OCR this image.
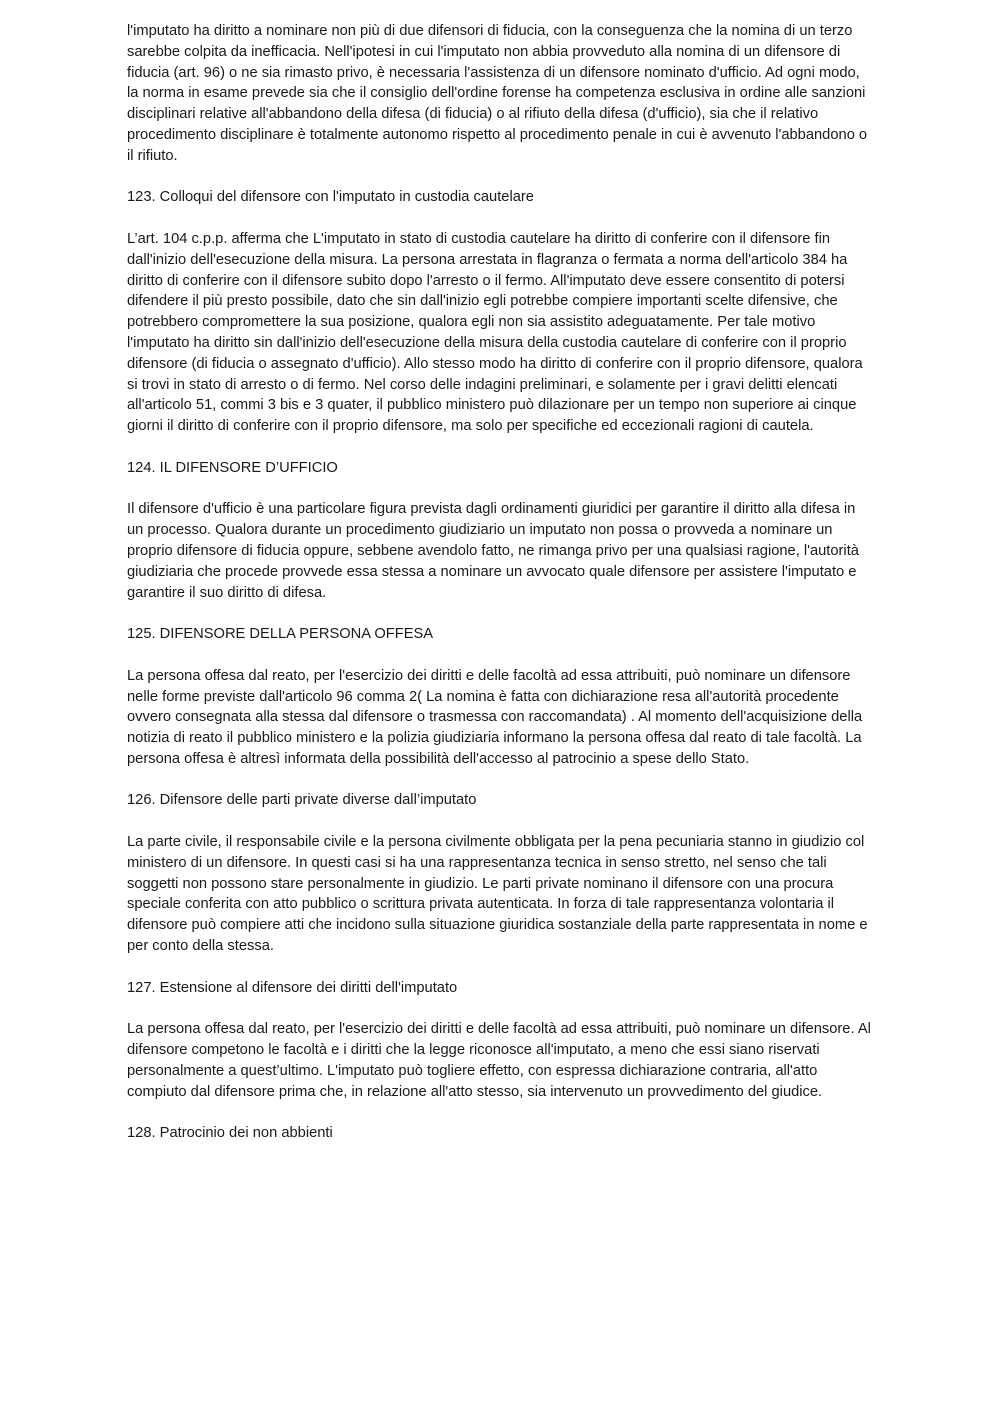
l'imputato ha diritto a nominare non più di due difensori di fiducia, con la conseguenza che la nomina di un terzo sarebbe colpita da inefficacia. Nell'ipotesi in cui l'imputato non abbia provveduto alla nomina di un difensore di fiducia (art. 96) o ne sia rimasto privo, è necessaria l'assistenza di un difensore nominato d'ufficio. Ad ogni modo, la norma in esame prevede sia che il consiglio dell'ordine forense ha competenza esclusiva in ordine alle sanzioni disciplinari relative all'abbandono della difesa (di fiducia) o al rifiuto della difesa (d'ufficio), sia che il relativo procedimento disciplinare è totalmente autonomo rispetto al procedimento penale in cui è avvenuto l'abbandono o il rifiuto.

123. Colloqui del difensore con l'imputato in custodia cautelare

L’art. 104 c.p.p. afferma che L'imputato in stato di custodia cautelare ha diritto di conferire con il difensore fin dall'inizio dell'esecuzione della misura. La persona arrestata in flagranza o fermata a norma dell'articolo 384 ha diritto di conferire con il difensore subito dopo l'arresto o il fermo. All'imputato deve essere consentito di potersi difendere il più presto possibile, dato che sin dall'inizio egli potrebbe compiere importanti scelte difensive, che potrebbero compromettere la sua posizione, qualora egli non sia assistito adeguatamente. Per tale motivo l'imputato ha diritto sin dall'inizio dell'esecuzione della misura della custodia cautelare di conferire con il proprio difensore (di fiducia o assegnato d'ufficio). Allo stesso modo ha diritto di conferire con il proprio difensore, qualora si trovi in stato di arresto o di fermo. Nel corso delle indagini preliminari, e solamente per i gravi delitti elencati all'articolo 51, commi 3 bis e 3 quater, il pubblico ministero può dilazionare per un tempo non superiore ai cinque giorni il diritto di conferire con il proprio difensore, ma solo per specifiche ed eccezionali ragioni di cautela.

124. IL DIFENSORE D’UFFICIO

Il difensore d'ufficio è una particolare figura prevista dagli ordinamenti giuridici per garantire il diritto alla difesa in un processo. Qualora durante un procedimento giudiziario un imputato non possa o provveda a nominare un proprio difensore di fiducia oppure, sebbene avendolo fatto, ne rimanga privo per una qualsiasi ragione, l'autorità giudiziaria che procede provvede essa stessa a nominare un avvocato quale difensore per assistere l'imputato e garantire il suo diritto di difesa.

125. DIFENSORE DELLA PERSONA OFFESA

La persona offesa dal reato, per l'esercizio dei diritti e delle facoltà ad essa attribuiti, può nominare un difensore nelle forme previste dall'articolo 96 comma 2( La nomina è fatta con dichiarazione resa all'autorità procedente ovvero consegnata alla stessa dal difensore o trasmessa con raccomandata) . Al momento dell'acquisizione della notizia di reato il pubblico ministero e la polizia giudiziaria informano la persona offesa dal reato di tale facoltà. La persona offesa è altresì informata della possibilità dell'accesso al patrocinio a spese dello Stato.

126. Difensore delle parti private diverse dall’imputato

La parte civile, il responsabile civile e la persona civilmente obbligata per la pena pecuniaria stanno in giudizio col ministero di un difensore. In questi casi si ha una rappresentanza tecnica in senso stretto, nel senso che tali soggetti non possono stare personalmente in giudizio. Le parti private nominano il difensore con una procura speciale conferita con atto pubblico o scrittura privata autenticata. In forza di tale rappresentanza volontaria il difensore può compiere atti che incidono sulla situazione giuridica sostanziale della parte rappresentata in nome e per conto della stessa.

127. Estensione al difensore dei diritti dell'imputato

La persona offesa dal reato, per l'esercizio dei diritti e delle facoltà ad essa attribuiti, può nominare un difensore. Al difensore competono le facoltà e i diritti che la legge riconosce all'imputato, a meno che essi siano riservati personalmente a quest’ultimo. L'imputato può togliere effetto, con espressa dichiarazione contraria, all'atto compiuto dal difensore prima che, in relazione all'atto stesso, sia intervenuto un provvedimento del giudice.

128. Patrocinio dei non abbienti
